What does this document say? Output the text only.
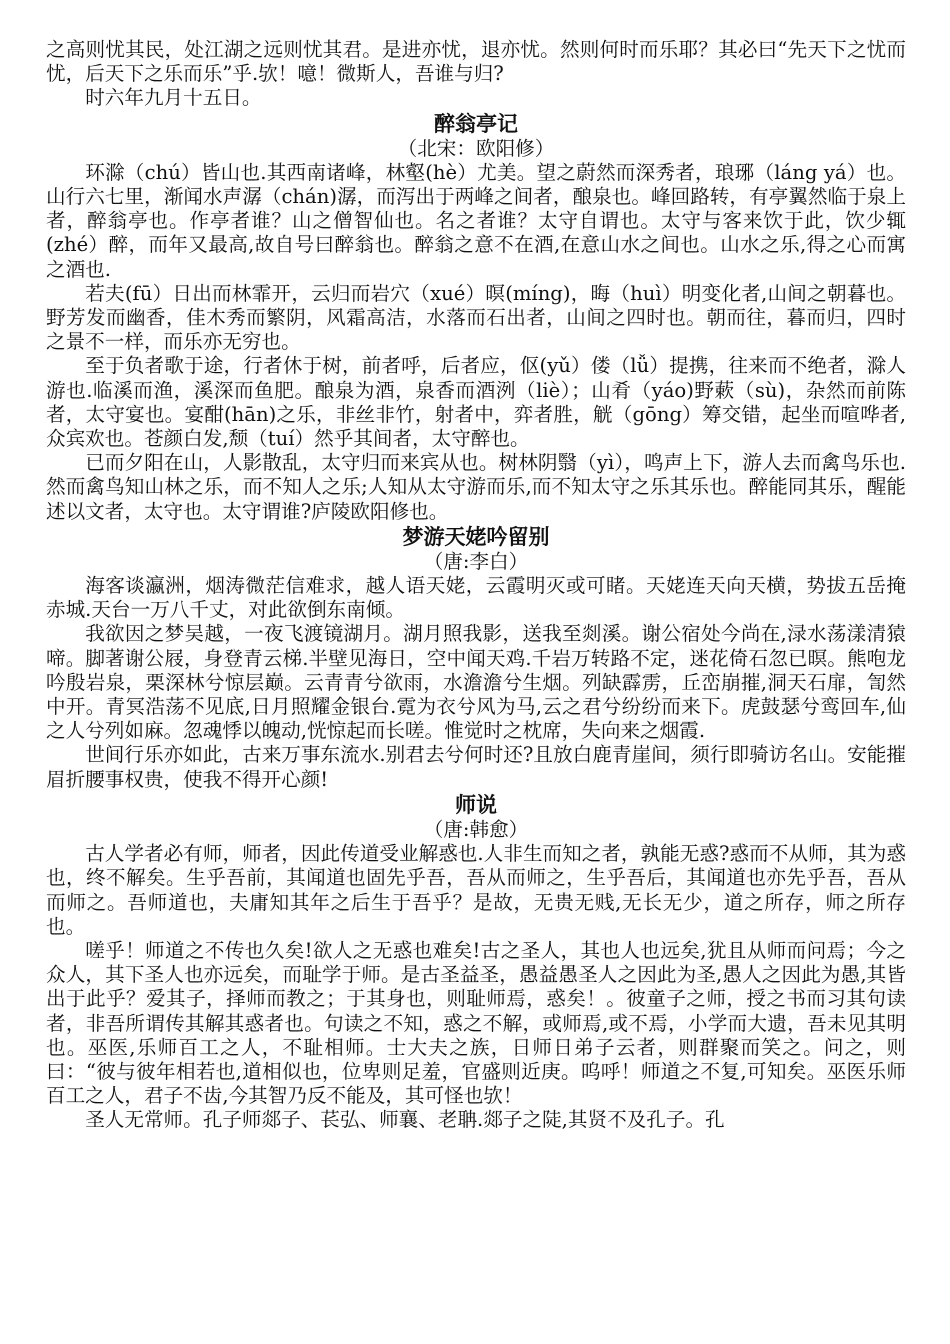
之高则忧其民，处江湖之远则忧其君。是进亦忧，退亦忧。然则何时而乐耶？其必曰“先天下之忧而忧，后天下之乐而乐”乎.欤！噫！微斯人，吾谁与归?

时六年九月十五日。

醉翁亭记
（北宋：欧阳修）

环滁（chú）皆山也.其西南诸峰，林壑(hè）尤美。望之蔚然而深秀者，琅琊（láng yá）也。山行六七里，渐闻水声潺（chán)潺，而泻出于两峰之间者，酿泉也。峰回路转，有亭翼然临于泉上者，醉翁亭也。作亭者谁？山之僧智仙也。名之者谁？太守自谓也。太守与客来饮于此，饮少辄(zhé）醉，而年又最高,故自号曰醉翁也。醉翁之意不在酒,在意山水之间也。山水之乐,得之心而寓之酒也.

若夫(fū）日出而林霏开，云归而岩穴（xué）暝(míng)，晦（huì）明变化者,山间之朝暮也。野芳发而幽香，佳木秀而繁阴，风霜高洁，水落而石出者，山间之四时也。朝而往，暮而归，四时之景不一样，而乐亦无穷也。

至于负者歌于途，行者休于树，前者呼，后者应，伛(yǔ）偻（lǚ）提携，往来而不绝者，滁人游也.临溪而渔，溪深而鱼肥。酿泉为酒，泉香而酒洌（liè）；山肴（yáo)野蔌（sù)，杂然而前陈者，太守宴也。宴酣(hān)之乐，非丝非竹，射者中，弈者胜，觥（gōng）筹交错，起坐而喧哗者,众宾欢也。苍颜白发,颓（tuí）然乎其间者，太守醉也。

已而夕阳在山，人影散乱，太守归而来宾从也。树林阴翳（yì），鸣声上下，游人去而禽鸟乐也.然而禽鸟知山林之乐，而不知人之乐;人知从太守游而乐,而不知太守之乐其乐也。醉能同其乐，醒能述以文者，太守也。太守谓谁?庐陵欧阳修也。

梦游天姥吟留别
（唐:李白）

海客谈瀛洲，烟涛微茫信难求，越人语天姥，云霞明灭或可睹。天姥连天向天横，势拔五岳掩赤城.天台一万八千丈，对此欲倒东南倾。

我欲因之梦吴越，一夜飞渡镜湖月。湖月照我影，送我至剡溪。谢公宿处今尚在,渌水荡漾清猿啼。脚著谢公屐，身登青云梯.半壁见海日，空中闻天鸡.千岩万转路不定，迷花倚石忽已暝。熊咆龙吟殷岩泉，栗深林兮惊层巅。云青青兮欲雨，水澹澹兮生烟。列缺霹雳，丘峦崩摧,洞天石扉，訇然中开。青冥浩荡不见底,日月照耀金银台.霓为衣兮风为马,云之君兮纷纷而来下。虎鼓瑟兮鸾回车,仙之人兮列如麻。忽魂悸以魄动,恍惊起而长嗟。惟觉时之枕席，失向来之烟霞.

世间行乐亦如此，古来万事东流水.别君去兮何时还?且放白鹿青崖间，须行即骑访名山。安能摧眉折腰事权贵，使我不得开心颜!

师说
（唐:韩愈）

古人学者必有师，师者，因此传道受业解惑也.人非生而知之者，孰能无惑?惑而不从师，其为惑也，终不解矣。生乎吾前，其闻道也固先乎吾，吾从而师之，生乎吾后，其闻道也亦先乎吾，吾从而师之。吾师道也，夫庸知其年之后生于吾乎？是故，无贵无贱,无长无少，道之所存，师之所存也。

嗟乎！师道之不传也久矣!欲人之无惑也难矣!古之圣人，其也人也远矣,犹且从师而问焉；今之众人，其下圣人也亦远矣，而耻学于师。是古圣益圣，愚益愚圣人之因此为圣,愚人之因此为愚,其皆出于此乎？爱其子，择师而教之；于其身也，则耻师焉，惑矣！。彼童子之师，授之书而习其句读者，非吾所谓传其解其惑者也。句读之不知，惑之不解，或师焉,或不焉，小学而大遗，吾未见其明也。巫医,乐师百工之人，不耻相师。士大夫之族，日师日弟子云者，则群聚而笑之。问之，则曰：“彼与彼年相若也,道相似也，位卑则足羞，官盛则近庚。呜呼！师道之不复,可知矣。巫医乐师百工之人，君子不齿,今其智乃反不能及，其可怪也欤！

圣人无常师。孔子师郯子、苌弘、师襄、老聃.郯子之陡,其贤不及孔子。孔
